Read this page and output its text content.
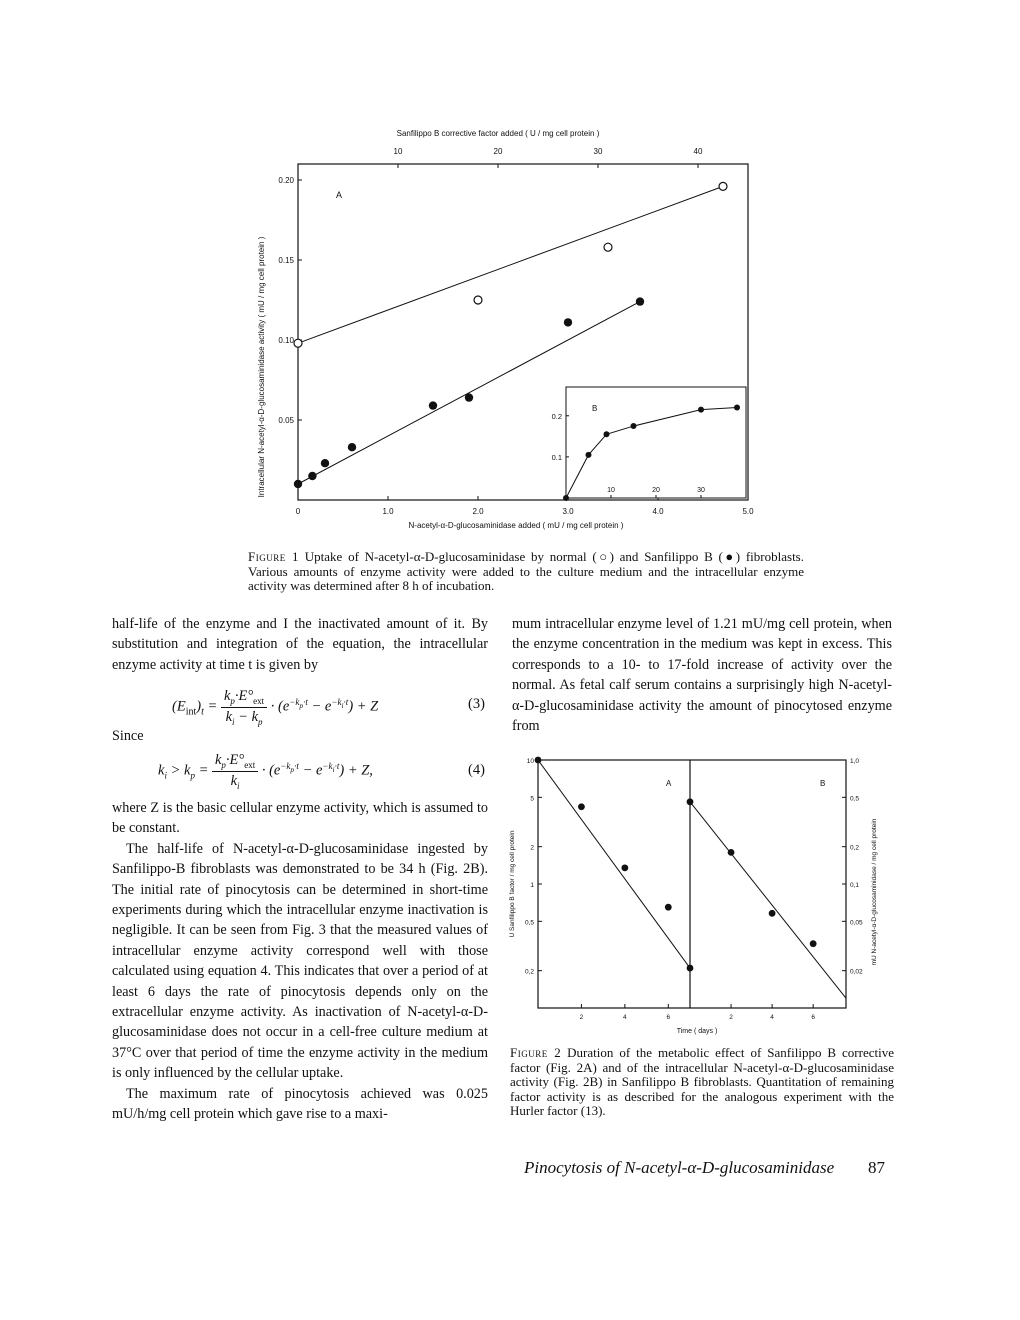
Sanfilippo B corrective factor added ( U / mg cell protein )
10	20	30	40
0.20
0.15
0.10
0.05
0	1.0	2.0	3.0	4.0	5.0
0.2
0.1
10	20	30
B
A
Intracellular N-acetyl-α-D-glucosaminidase activity ( mU / mg cell protein )
N-acetyl-α-D-glucosaminidase added ( mU / mg cell protein )
Figure 1 Uptake of N-acetyl-α-D-glucosaminidase by normal (○) and Sanfilippo B (●) fibroblasts. Various amounts of enzyme activity were added to the culture medium and the intracellular enzyme activity was determined after 8 h of incubation.

half-life of the enzyme and I the inactivated amount of it. By substitution and integration of the equation, the intracellular enzyme activity at time t is given by

$(E_{int})_t = \frac{k_p\cdot E^\circ_{ext}}{k_i - k_p} \cdot (e^{-k_p\cdot t} - e^{-k_i\cdot t}) + Z$	(3)
Since
$k_i > k_p = \frac{k_p\cdot E^\circ_{ext}}{k_i} \cdot (e^{-k_p\cdot t} - e^{-k_i\cdot t}) + Z$,	(4)

where Z is the basic cellular enzyme activity, which is assumed to be constant.

The half-life of N-acetyl-α-D-glucosaminidase ingested by Sanfilippo-B fibroblasts was demonstrated to be 34 h (Fig. 2B). The initial rate of pinocytosis can be determined in short-time experiments during which the intracellular enzyme inactivation is negligible. It can be seen from Fig. 3 that the measured values of intracellular enzyme activity correspond well with those calculated using equation 4. This indicates that over a period of at least 6 days the rate of pinocytosis depends only on the extracellular enzyme activity. As inactivation of N-acetyl-α-D-glucosaminidase does not occur in a cell-free culture medium at 37°C over that period of time the enzyme activity in the medium is only influenced by the cellular uptake.

The maximum rate of pinocytosis achieved was 0.025 mU/h/mg cell protein which gave rise to a maxi-

mum intracellular enzyme level of 1.21 mU/mg cell protein, when the enzyme concentration in the medium was kept in excess. This corresponds to a 10- to 17-fold increase of activity over the normal. As fetal calf serum contains a surprisingly high N-acetyl-α-D-glucosaminidase activity the amount of pinocytosed enzyme from

10
5
2
1
0,5
0,2
1,0
0,5
0,2
0,1
0,05
0,02
2	4	6	2	4	6
A	B
Time ( days )
U Sanfilippo B factor / mg cell protein	mU N-acetyl-α-D-glucosaminidase / mg cell protein
Figure 2 Duration of the metabolic effect of Sanfilippo B corrective factor (Fig. 2A) and of the intracellular N-acetyl-α-D-glucosaminidase activity (Fig. 2B) in Sanfilippo B fibroblasts. Quantitation of remaining factor activity is as described for the analogous experiment with the Hurler factor (13).
Pinocytosis of N-acetyl-α-D-glucosaminidase 87
